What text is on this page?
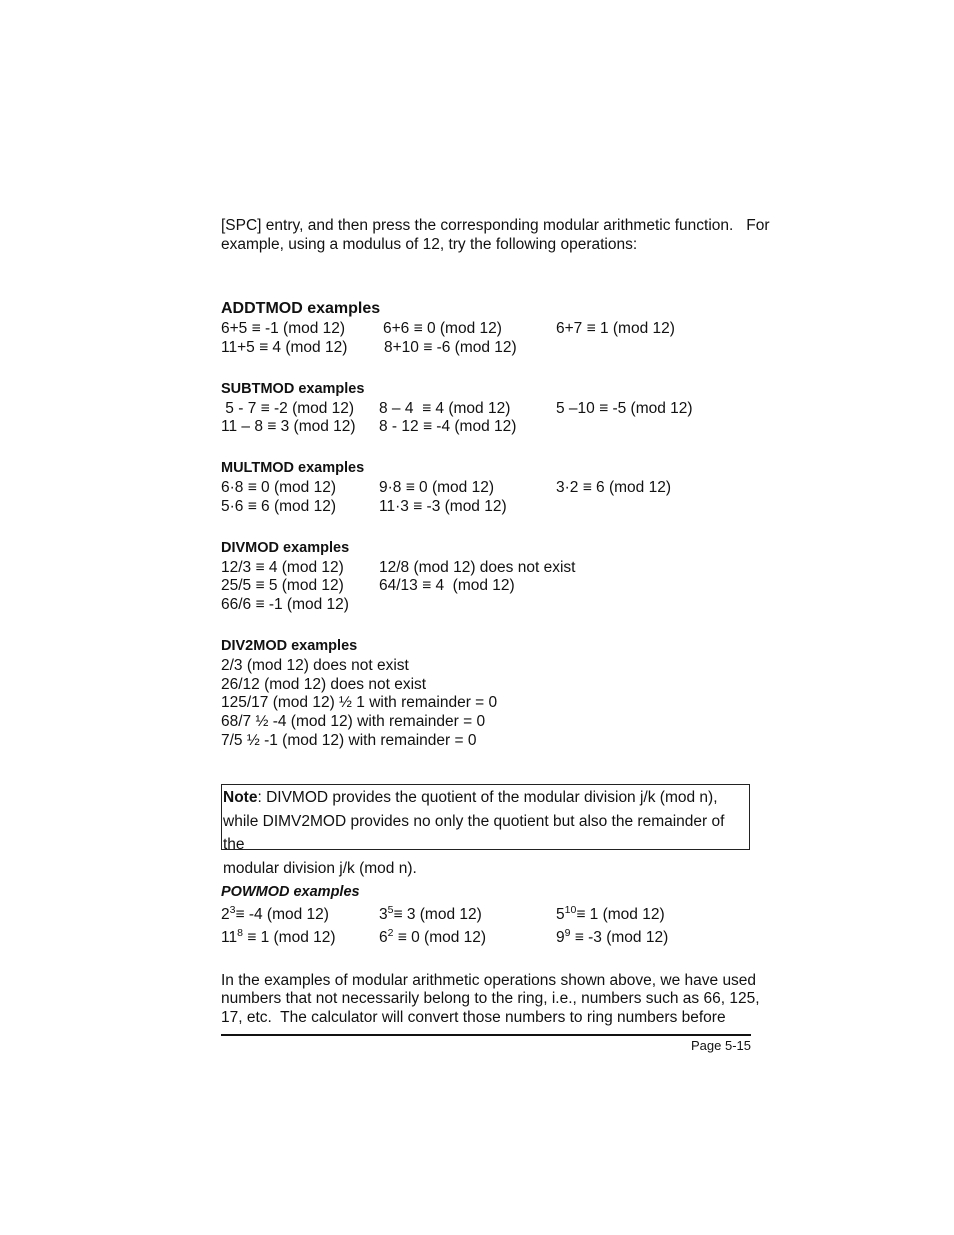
[SPC] entry, and then press the corresponding modular arithmetic function.   For
example, using a modulus of 12, try the following operations:
ADDTMOD examples
6+5 ≡ -1 (mod 12) 6+6 ≡ 0 (mod 12)	6+7 ≡ 1 (mod 12)
11+5 ≡ 4 (mod 12) 8+10 ≡ -6 (mod 12)
SUBTMOD examples
5 - 7 ≡ -2 (mod 12) 8 – 4  ≡ 4 (mod 12)	5 –10 ≡ -5 (mod 12)
11 – 8 ≡ 3 (mod 12) 8 - 12 ≡ -4 (mod 12)
MULTMOD examples
6·8 ≡ 0 (mod 12)	9·8 ≡ 0 (mod 12)	3·2 ≡ 6 (mod 12)
5·6 ≡ 6 (mod 12)	11·3 ≡ -3 (mod 12)
DIVMOD examples
12/3 ≡ 4 (mod 12) 12/8 (mod 12) does not exist
25/5 ≡ 5 (mod 12) 64/13 ≡ 4  (mod 12)
66/6 ≡ -1 (mod 12)
DIV2MOD examples
2/3 (mod 12) does not exist
26/12 (mod 12) does not exist
125/17 (mod 12) ½ 1 with remainder = 0
68/7 ½ -4 (mod 12) with remainder = 0
7/5 ½ -1 (mod 12) with remainder = 0

Note: DIVMOD provides the quotient of the modular division j/k (mod n),

while DIMV2MOD provides no only the quotient but also the remainder of the

modular division j/k (mod n).

POWMOD examples
$2^3\equiv -4$ (mod 12)	$3^5\equiv 3$ (mod 12)	$5^{10}\equiv 1$ (mod 12)
$11^8 \equiv 1$ (mod 12)	$6^2 \equiv 0$ (mod 12)	$9^9 \equiv -3$ (mod 12)
In the examples of modular arithmetic operations shown above, we have used
numbers that not necessarily belong to the ring, i.e., numbers such as 66, 125,
17, etc.  The calculator will convert those numbers to ring numbers before
Page 5-15
